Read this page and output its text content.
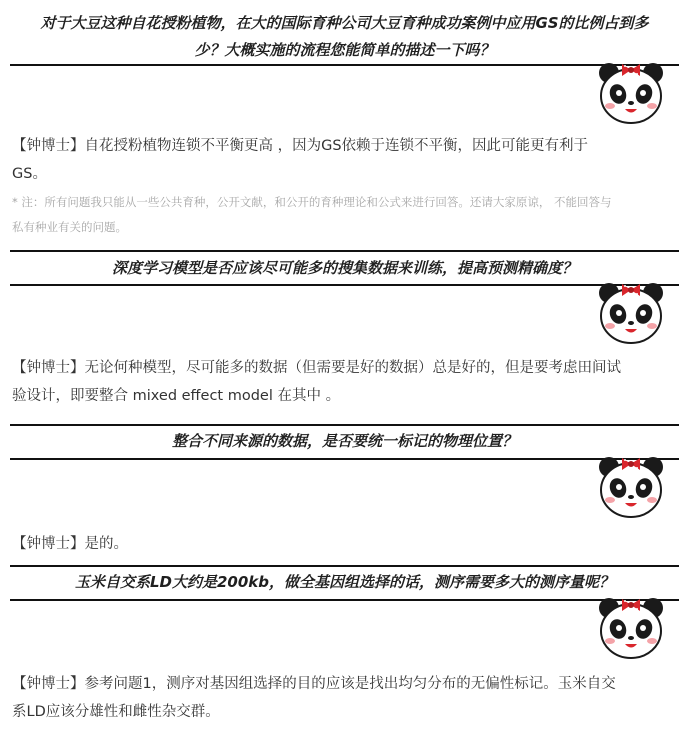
对于大豆这种自花授粉植物，在大的国际育种公司大豆育种成功案例中应用GS的比例占到多
少？大概实施的流程您能简单的描述一下吗？
【钟博士】自花授粉植物连锁不平衡更高 ，因为GS依赖于连锁不平衡，因此可能更有利于
GS。
* 注：所有问题我只能从一些公共育种，公开文献，和公开的育种理论和公式来进行回答。还请大家原谅， 不能回答与
私有种业有关的问题。
深度学习模型是否应该尽可能多的搜集数据来训练，提高预测精确度？
【钟博士】无论何种模型，尽可能多的数据（但需要是好的数据）总是好的，但是要考虑田间试
验设计，即要整合 mixed effect model 在其中 。
整合不同来源的数据，是否要统一标记的物理位置？
【钟博士】是的。
玉米自交系LD大约是200kb，做全基因组选择的话，测序需要多大的测序量呢？
【钟博士】参考问题1，测序对基因组选择的目的应该是找出均匀分布的无偏性标记。玉米自交
系LD应该分雄性和雌性杂交群。
